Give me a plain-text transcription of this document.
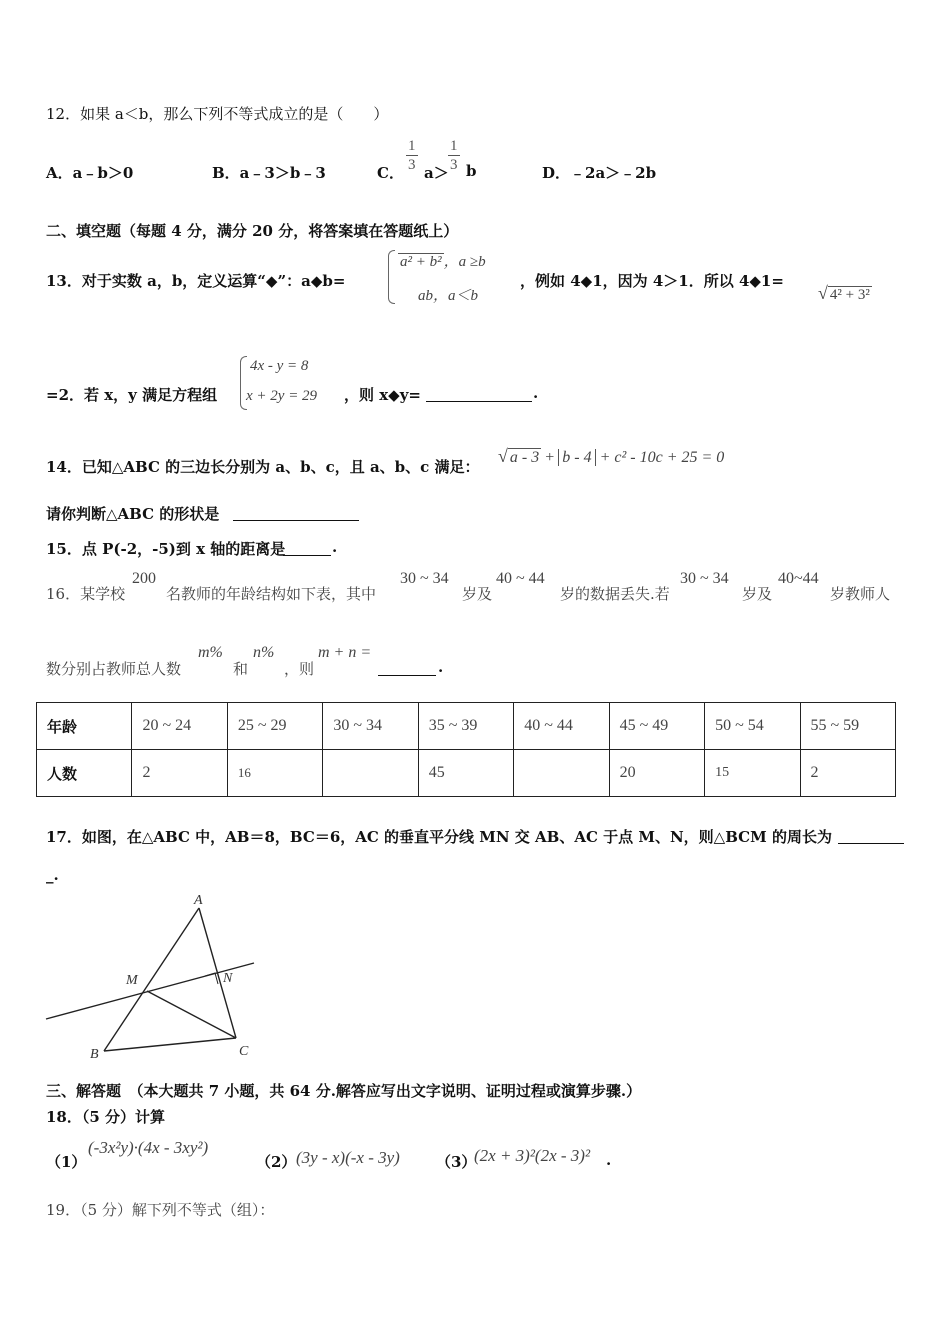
12．如果 a＜b，那么下列不等式成立的是（　　）
A．a﹣b＞0	B．a﹣3＞b﹣3	C． $\frac{1}{3} a> \frac{1}{3}$ b	D．﹣2a＞﹣2b
二、填空题（每题 4 分，满分 20 分，将答案填在答题纸上）
13．对于实数 a，b，定义运算“◆”：a◆b=
a² + b² ，a ≥b
ab，a＜b
，例如 4◆1，因为 4＞1．所以 4◆1=
√ 4² + 3²
=2．若 x，y 满足方程组
4x - y = 8
x + 2y = 29 ，则 x◆y=	.
14．已知△ABC 的三边长分别为 a、b、c，且 a、b、c 满足：
√ a - 3 + b - 4 + c² - 10c + 25 = 0
请你判断△ABC 的形状是
15．点 P(-2，-5)到 x 轴的距离是	.
16．某学校
200
名教师的年龄结构如下表，其中
30 ~ 34
岁及
40 ~ 44
岁的数据丢失.若
30 ~ 34
岁及
40~44
岁教师人
数分别占教师总人数
m%
和
n%
，则
m + n =
.
年龄	20 ~ 24	25 ~ 29	30 ~ 34	35 ~ 39	40 ~ 44	45 ~ 49	50 ~ 54	55 ~ 59
人数	2	16		45		20	15	2
17．如图，在△ABC 中，AB＝8，BC＝6，AC 的垂直平分线 MN 交 AB、AC 于点 M、N，则△BCM 的周长为
_.
A
M	N
B	C
三、解答题　（本大题共 7 小题，共 64 分.解答应写出文字说明、证明过程或演算步骤.）
18．（5 分）计算
（1）
(-3x²y)·(4x - 3xy²)
（2） (3y - x)(-x - 3y) （3）
(2x + 3)²(2x - 3)² .
19．（5 分）解下列不等式（组）：
